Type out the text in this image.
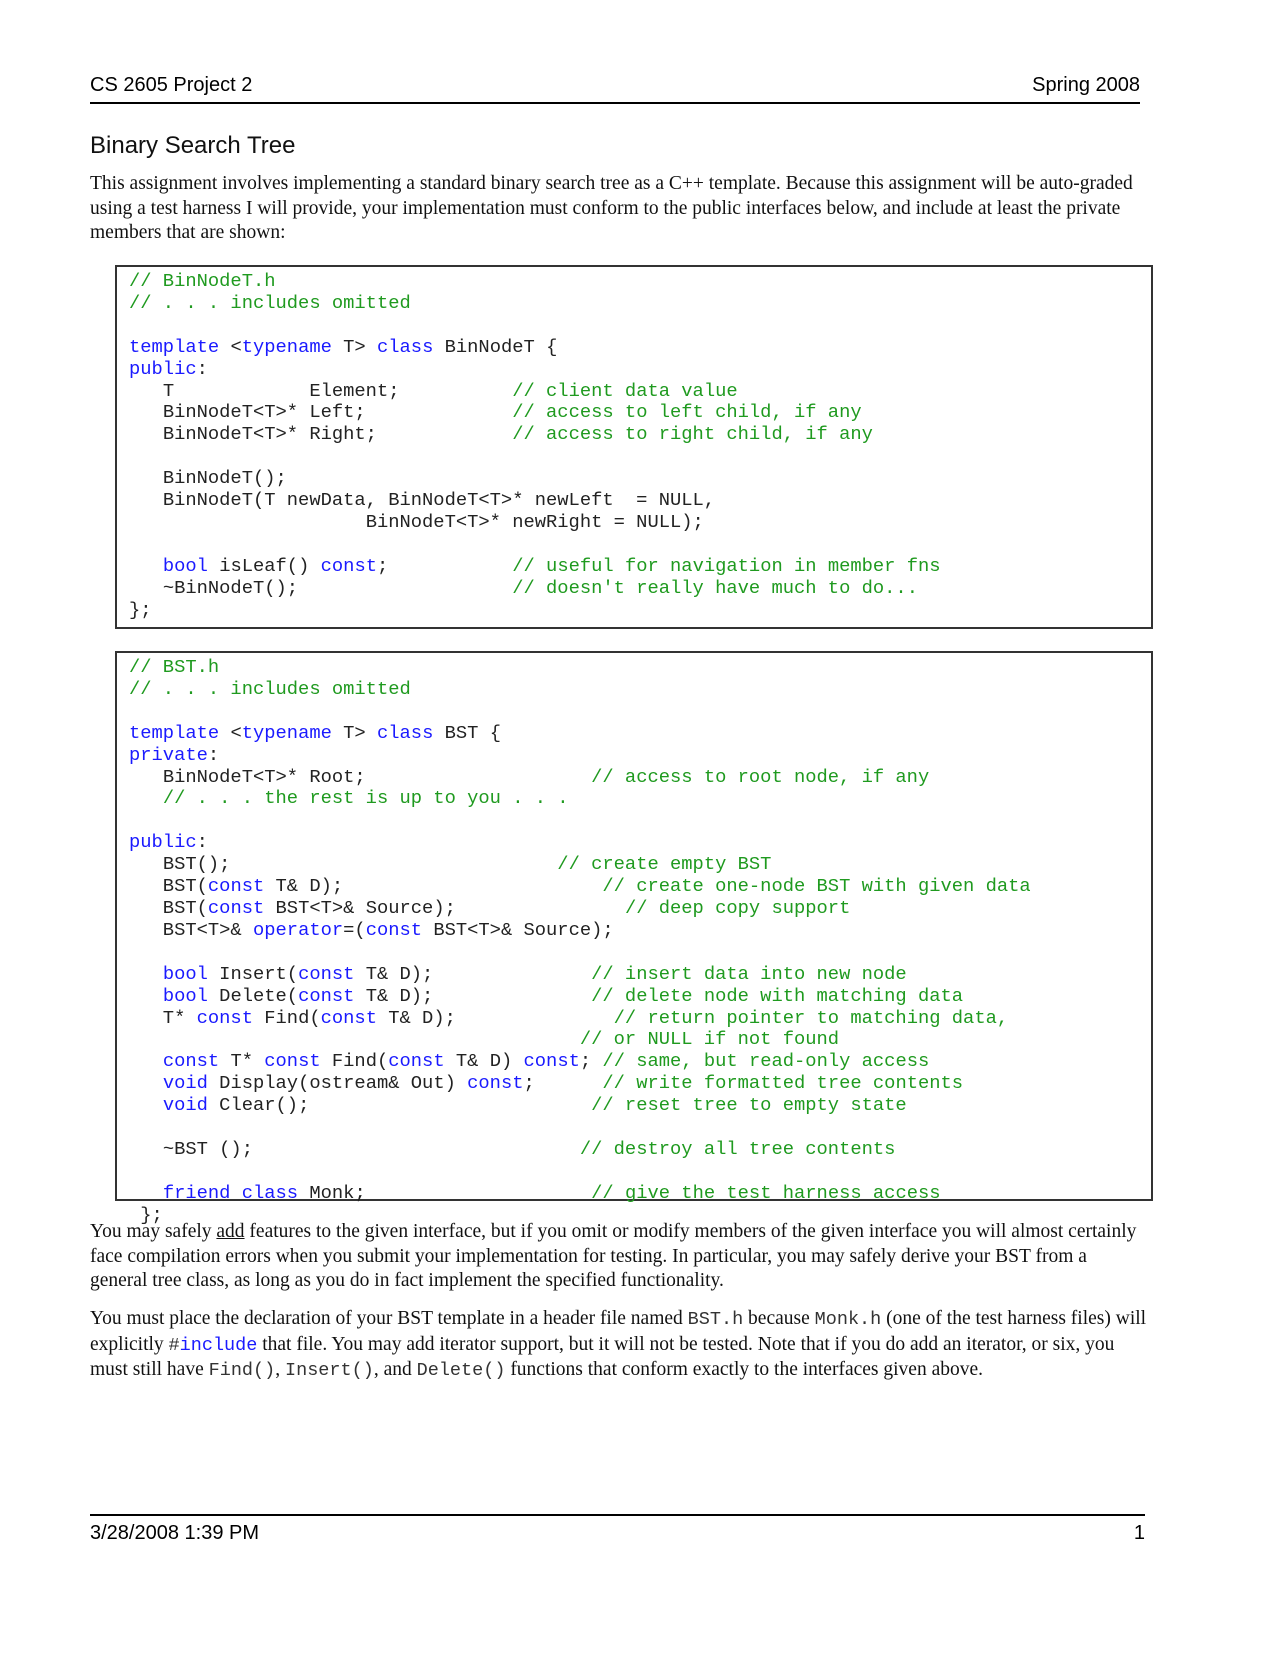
CS 2605 Project 2	Spring 2008
Binary Search Tree
This assignment involves implementing a standard binary search tree as a C++ template. Because this assignment will be auto-graded using a test harness I will provide, your implementation must conform to the public interfaces below, and include at least the private members that are shown:
// BinNodeT.h
// . . . includes omitted

template <typename T> class BinNodeT {
public:
T            Element;	// client data value
BinNodeT<T>* Left;	// access to left child, if any
BinNodeT<T>* Right;	// access to right child, if any

BinNodeT();
BinNodeT(T newData, BinNodeT<T>* newLeft  = NULL,
BinNodeT<T>* newRight = NULL);

bool isLeaf() const;           // useful for navigation in member fns
~BinNodeT();	// doesn't really have much to do...
};
// BST.h
// . . . includes omitted

template <typename T> class BST {
private:
BinNodeT<T>* Root;	// access to root node, if any
// . . . the rest is up to you . . .

public:
BST();	// create empty BST
BST(const T& D);                       // create one-node BST with given data
BST(const BST<T>& Source);               // deep copy support
BST<T>& operator=(const BST<T>& Source);

bool Insert(const T& D);              // insert data into new node
bool Delete(const T& D);              // delete node with matching data
T* const Find(const T& D);              // return pointer to matching data,
// or NULL if not found
const T* const Find(const T& D) const; // same, but read-only access
void Display(ostream& Out) const;      // write formatted tree contents
void Clear();                         // reset tree to empty state

~BST ();	// destroy all tree contents

friend class Monk;	// give the test harness access
};
You may safely add features to the given interface, but if you omit or modify members of the given interface you will almost certainly face compilation errors when you submit your implementation for testing. In particular, you may safely derive your BST from a general tree class, as long as you do in fact implement the specified functionality.
You must place the declaration of your BST template in a header file named BST.h because Monk.h (one of the test harness files) will explicitly #include that file. You may add iterator support, but it will not be tested. Note that if you do add an iterator, or six, you must still have Find(), Insert(), and Delete() functions that conform exactly to the interfaces given above.
3/28/2008 1:39 PM	1
